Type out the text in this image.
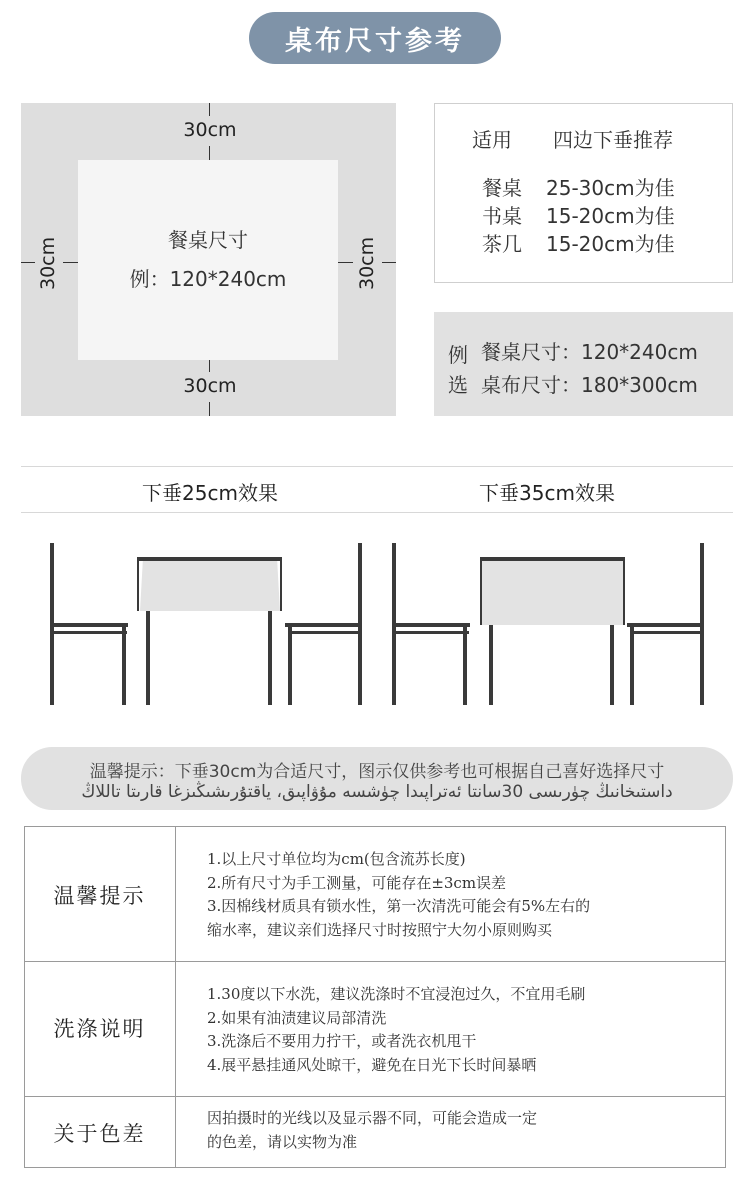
桌布尺寸参考
30cm
30cm
30cm	30cm
餐桌尺寸
例：120*240cm
适用 四边下垂推荐
餐桌 25-30cm为佳
书桌 15-20cm为佳
茶几 15-20cm为佳
例
选
餐桌尺寸：120*240cm
桌布尺寸：180*300cm
下垂25cm效果	下垂35cm效果
温馨提示：下垂30cm为合适尺寸，图示仅供参考也可根据自己喜好选择尺寸
داستىخانىڭ چۈرىسى 30سانتا ئەتراپىدا چۈشسە مۇۋاپىق، ياقتۇرىشىڭىزغا قارىتا تاللاڭ
温馨提示
1.以上尺寸单位均为cm(包含流苏长度)
2.所有尺寸为手工测量，可能存在±3cm误差
3.因棉线材质具有锁水性，第一次清洗可能会有5%左右的
缩水率，建议亲们选择尺寸时按照宁大勿小原则购买
洗涤说明
1.30度以下水洗，建议洗涤时不宜浸泡过久，不宜用毛刷
2.如果有油渍建议局部清洗
3.洗涤后不要用力拧干，或者洗衣机甩干
4.展平悬挂通风处晾干，避免在日光下长时间暴晒
关于色差
因拍摄时的光线以及显示器不同，可能会造成一定
的色差，请以实物为准
